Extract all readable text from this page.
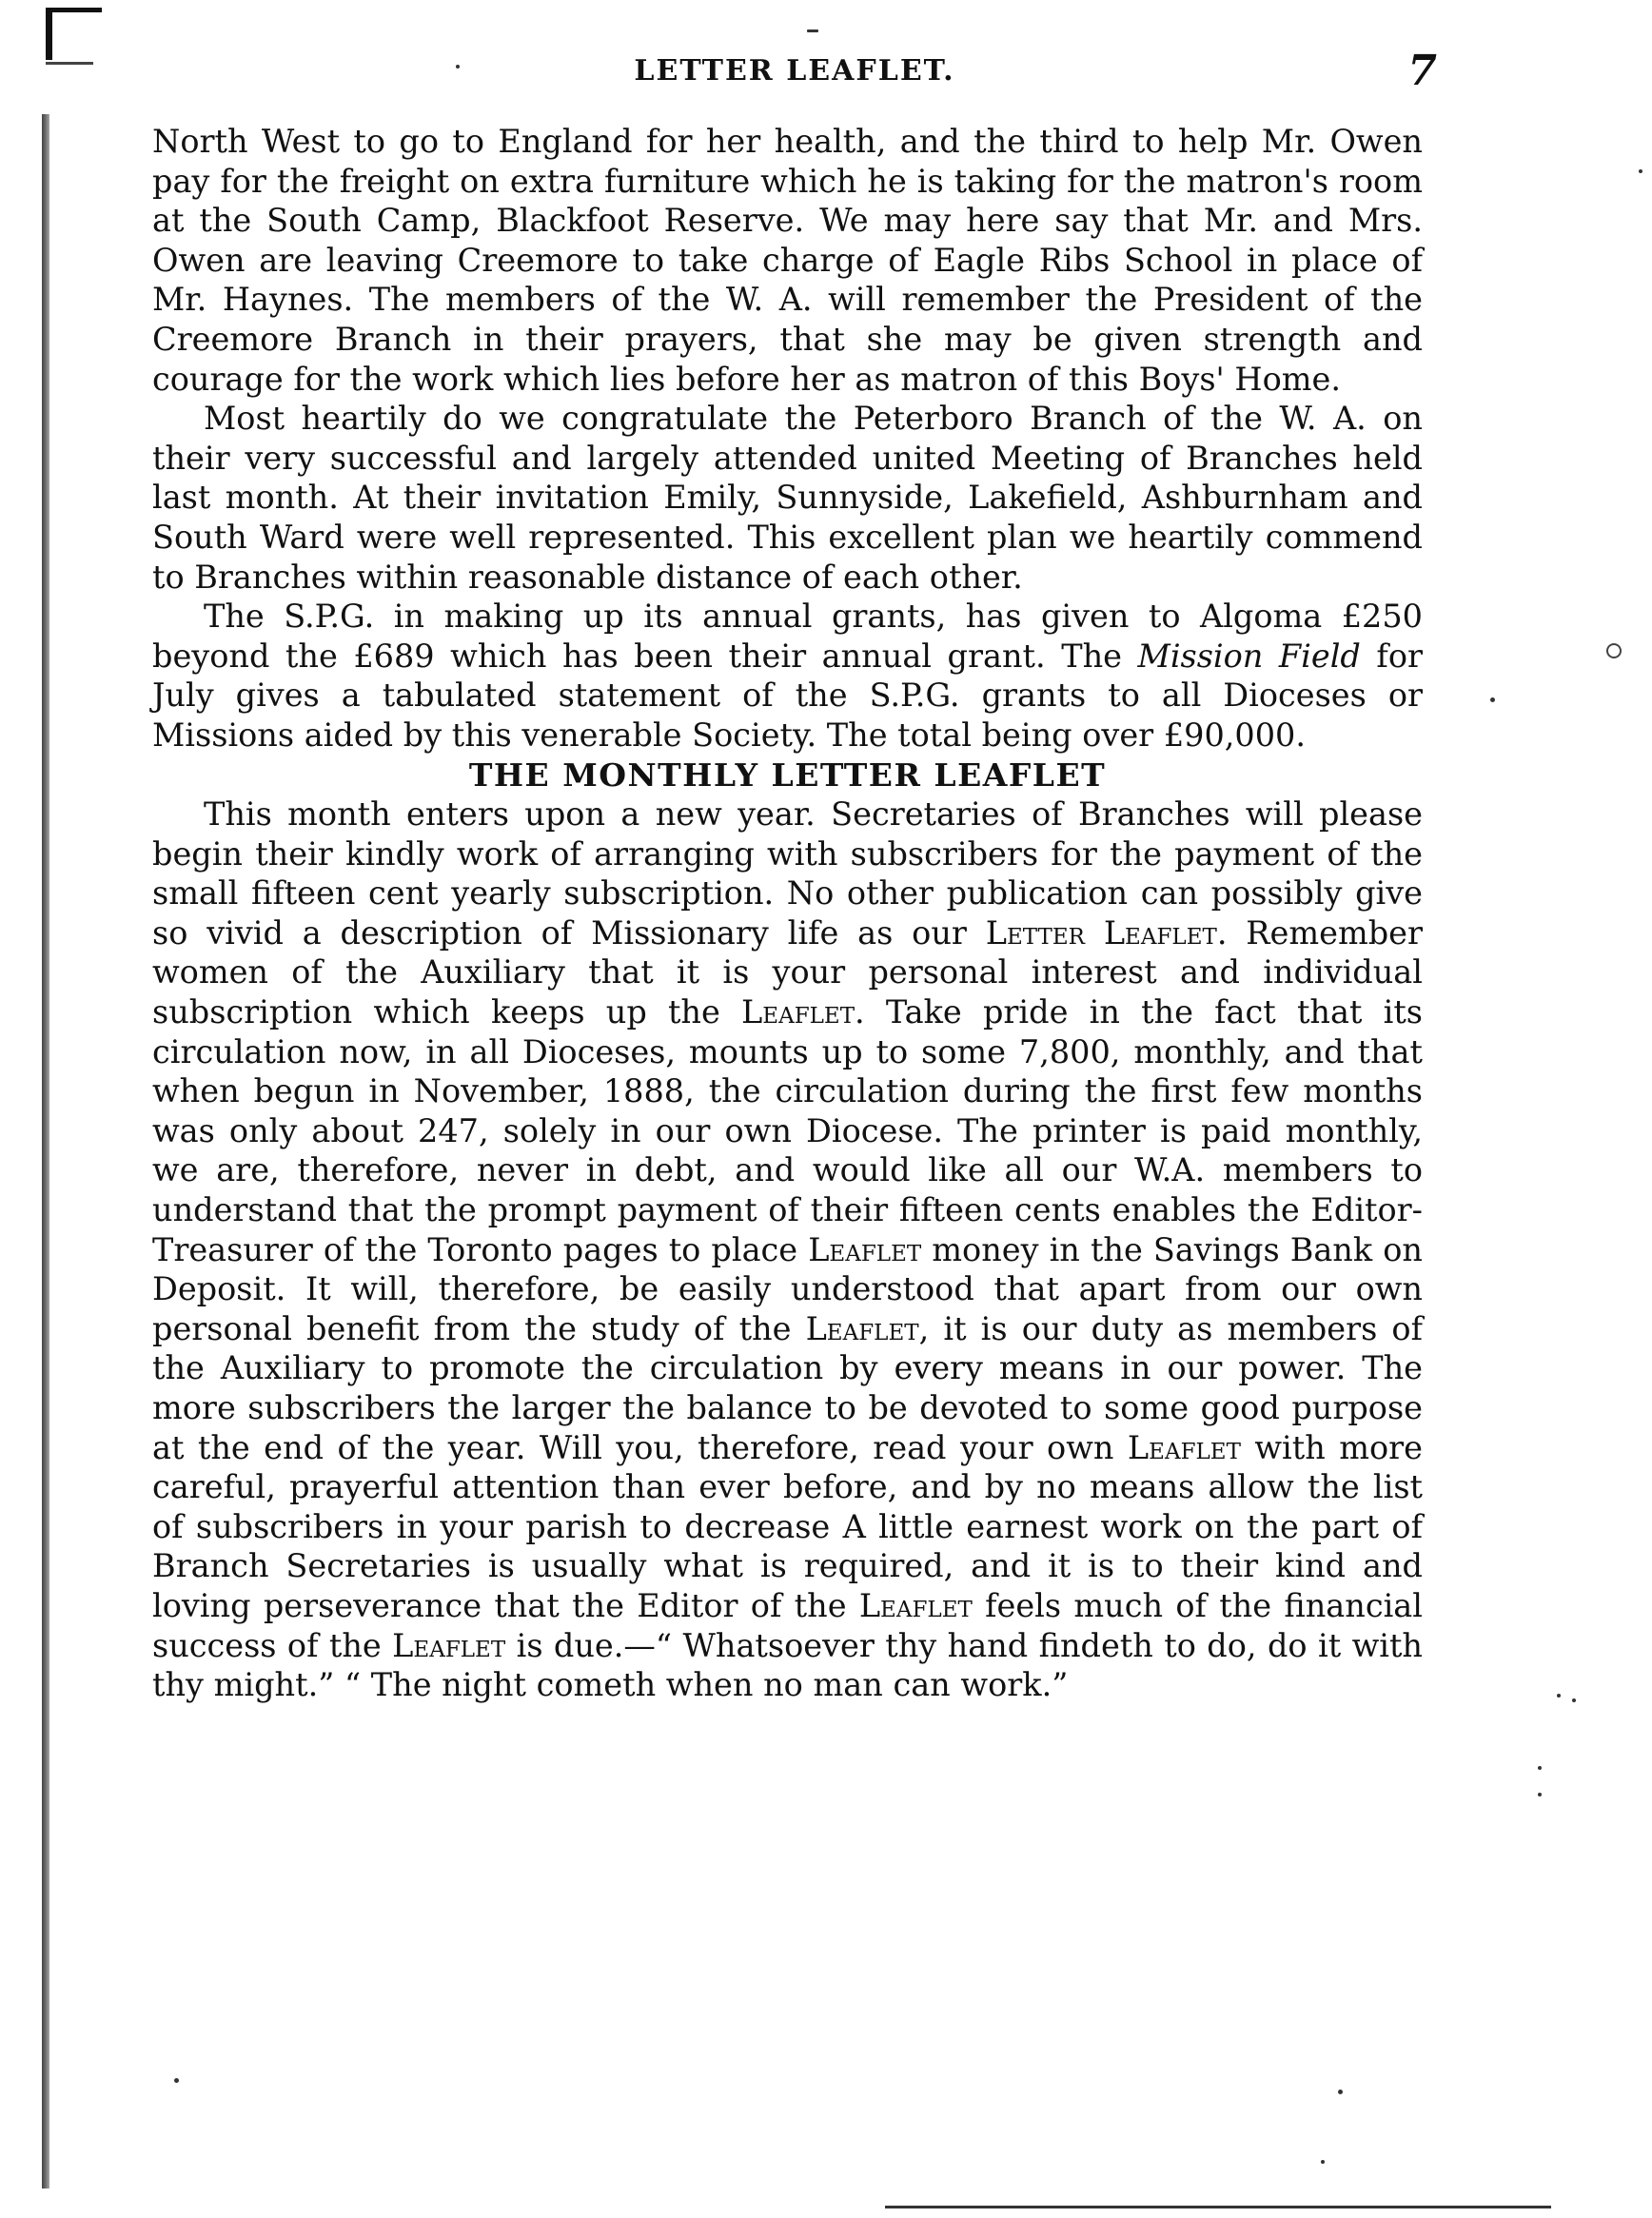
LETTER LEAFLET.	7

North West to go to England for her health, and the third to help Mr. Owen pay for the freight on extra furniture which he is taking for the matron's room at the South Camp, Blackfoot Reserve. We may here say that Mr. and Mrs. Owen are leaving Creemore to take charge of Eagle Ribs School in place of Mr. Haynes. The members of the W. A. will remember the President of the Creemore Branch in their prayers, that she may be given strength and courage for the work which lies before her as matron of this Boys' Home.

Most heartily do we congratulate the Peterboro Branch of the W. A. on their very successful and largely attended united Meeting of Branches held last month. At their invitation Emily, Sunnyside, Lakefield, Ashburnham and South Ward were well represented. This excellent plan we heartily commend to Branches within reasonable distance of each other.

The S.P.G. in making up its annual grants, has given to Algoma £250 beyond the £689 which has been their annual grant. The Mission Field for July gives a tabulated statement of the S.P.G. grants to all Dioceses or Missions aided by this venerable Society. The total being over £90,000.

THE MONTHLY LETTER LEAFLET

This month enters upon a new year. Secretaries of Branches will please begin their kindly work of arranging with subscribers for the payment of the small fifteen cent yearly subscription. No other publication can possibly give so vivid a description of Missionary life as our Letter Leaflet. Remember women of the Auxiliary that it is your personal interest and individual subscription which keeps up the Leaflet. Take pride in the fact that its circulation now, in all Dioceses, mounts up to some 7,800, monthly, and that when begun in November, 1888, the circulation during the first few months was only about 247, solely in our own Diocese. The printer is paid monthly, we are, therefore, never in debt, and would like all our W.A. members to understand that the prompt payment of their fifteen cents enables the Editor-Treasurer of the Toronto pages to place Leaflet money in the Savings Bank on Deposit. It will, therefore, be easily understood that apart from our own personal benefit from the study of the Leaflet, it is our duty as members of the Auxiliary to promote the circulation by every means in our power. The more subscribers the larger the balance to be devoted to some good purpose at the end of the year. Will you, therefore, read your own Leaflet with more careful, prayerful attention than ever before, and by no means allow the list of subscribers in your parish to decrease A little earnest work on the part of Branch Secretaries is usually what is required, and it is to their kind and loving perseverance that the Editor of the Leaflet feels much of the financial success of the Leaflet is due.—“ Whatsoever thy hand findeth to do, do it with thy might.” “ The night cometh when no man can work.”
